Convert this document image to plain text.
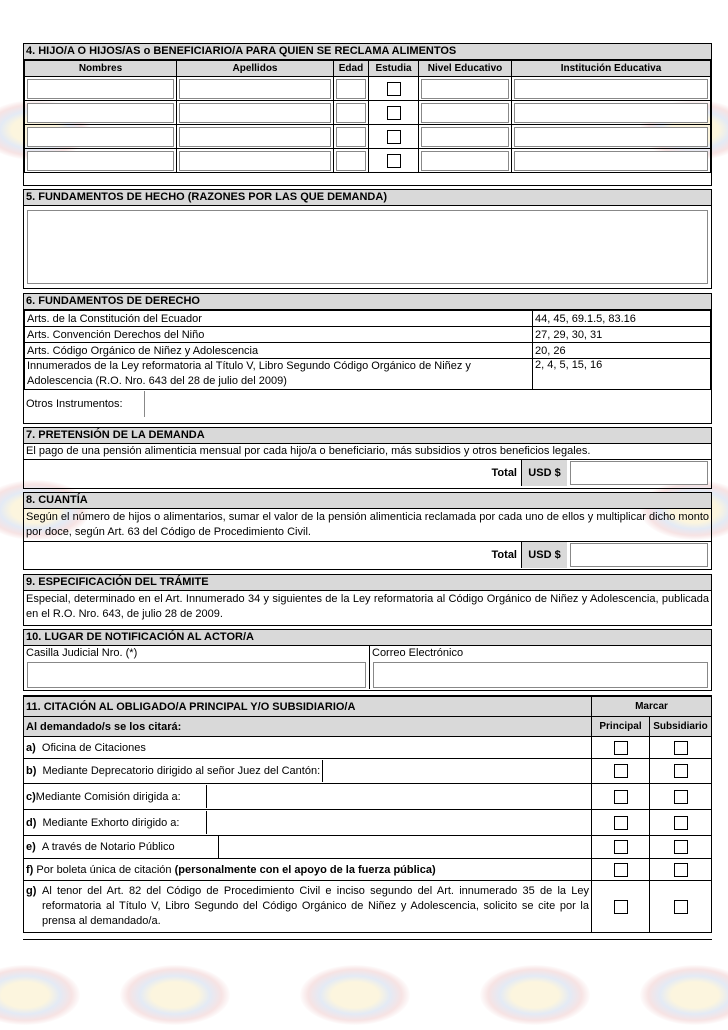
4. HIJO/A O HIJOS/AS o BENEFICIARIO/A PARA QUIEN SE RECLAMA ALIMENTOS
Nombres	Apellidos	Edad	Estudia	Nivel Educativo	Institución Educativa

5. FUNDAMENTOS DE HECHO (RAZONES POR LAS QUE DEMANDA)
6. FUNDAMENTOS DE DERECHO
Arts. de la Constitución del Ecuador	44, 45, 69.1.5, 83.16
Arts. Convención Derechos del Niño	27, 29, 30, 31
Arts. Código Orgánico de Niñez y Adolescencia	20, 26
Innumerados de la Ley reformatoria al Título V, Libro Segundo Código Orgánico de Niñez y Adolescencia (R.O. Nro. 643 del 28 de julio del 2009)	2, 4, 5, 15, 16
Otros Instrumentos:
7. PRETENSIÓN DE LA DEMANDA
El pago de una pensión alimenticia mensual por cada hijo/a o beneficiario, más subsidios y otros beneficios legales.
Total	USD $
8. CUANTÍA
Según el número de hijos o alimentarios, sumar el valor de la pensión alimenticia reclamada por cada uno de ellos y multiplicar dicho monto por doce, según Art. 63 del Código de Procedimiento Civil.
Total	USD $
9. ESPECIFICACIÓN DEL TRÁMITE
Especial, determinado en el Art. Innumerado 34 y siguientes de la Ley reformatoria al Código Orgánico de Niñez y Adolescencia, publicada en el R.O. Nro. 643, de julio 28 de 2009.
10. LUGAR DE NOTIFICACIÓN AL ACTOR/A
Casilla Judicial Nro. (*)	Correo Electrónico
11. CITACIÓN AL OBLIGADO/A PRINCIPAL Y/O SUBSIDIARIO/A	Marcar	
Al demandado/s se los citará:	Principal	Subsidiario
a) Oficina de Citaciones		

b) Mediante Deprecatorio dirigido al señor Juez del Cantón:		

c)Mediante Comisión dirigida a:		

d) Mediante Exhorto dirigido a:		

e) A través de Notario Público		

f) Por boleta única de citación (personalmente con el apoyo de la fuerza pública)		

g) Al tenor del Art. 82 del Código de Procedimiento Civil e inciso segundo del Art. innumerado 35 de la Ley reformatoria al Título V, Libro Segundo del Código Orgánico de Niñez y Adolescencia, solicito se cite por la prensa al demandado/a.		
